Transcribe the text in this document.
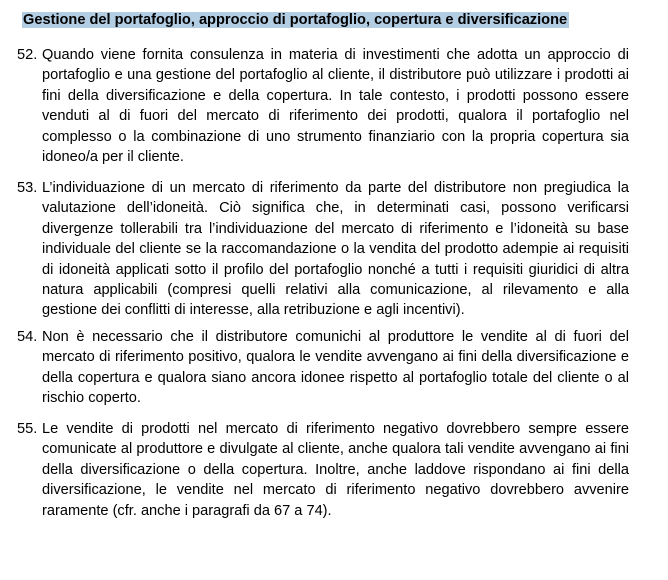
Gestione del portafoglio, approccio di portafoglio, copertura e diversificazione
52. Quando viene fornita consulenza in materia di investimenti che adotta un approccio di portafoglio e una gestione del portafoglio al cliente, il distributore può utilizzare i prodotti ai fini della diversificazione e della copertura. In tale contesto, i prodotti possono essere venduti al di fuori del mercato di riferimento dei prodotti, qualora il portafoglio nel complesso o la combinazione di uno strumento finanziario con la propria copertura sia idoneo/a per il cliente.
53. L’individuazione di un mercato di riferimento da parte del distributore non pregiudica la valutazione dell’idoneità. Ciò significa che, in determinati casi, possono verificarsi divergenze tollerabili tra l’individuazione del mercato di riferimento e l’idoneità su base individuale del cliente se la raccomandazione o la vendita del prodotto adempie ai requisiti di idoneità applicati sotto il profilo del portafoglio nonché a tutti i requisiti giuridici di altra natura applicabili (compresi quelli relativi alla comunicazione, al rilevamento e alla gestione dei conflitti di interesse, alla retribuzione e agli incentivi).
54. Non è necessario che il distributore comunichi al produttore le vendite al di fuori del mercato di riferimento positivo, qualora le vendite avvengano ai fini della diversificazione e della copertura e qualora siano ancora idonee rispetto al portafoglio totale del cliente o al rischio coperto.
55. Le vendite di prodotti nel mercato di riferimento negativo dovrebbero sempre essere comunicate al produttore e divulgate al cliente, anche qualora tali vendite avvengano ai fini della diversificazione o della copertura. Inoltre, anche laddove rispondano ai fini della diversificazione, le vendite nel mercato di riferimento negativo dovrebbero avvenire raramente (cfr. anche i paragrafi da 67 a 74).
